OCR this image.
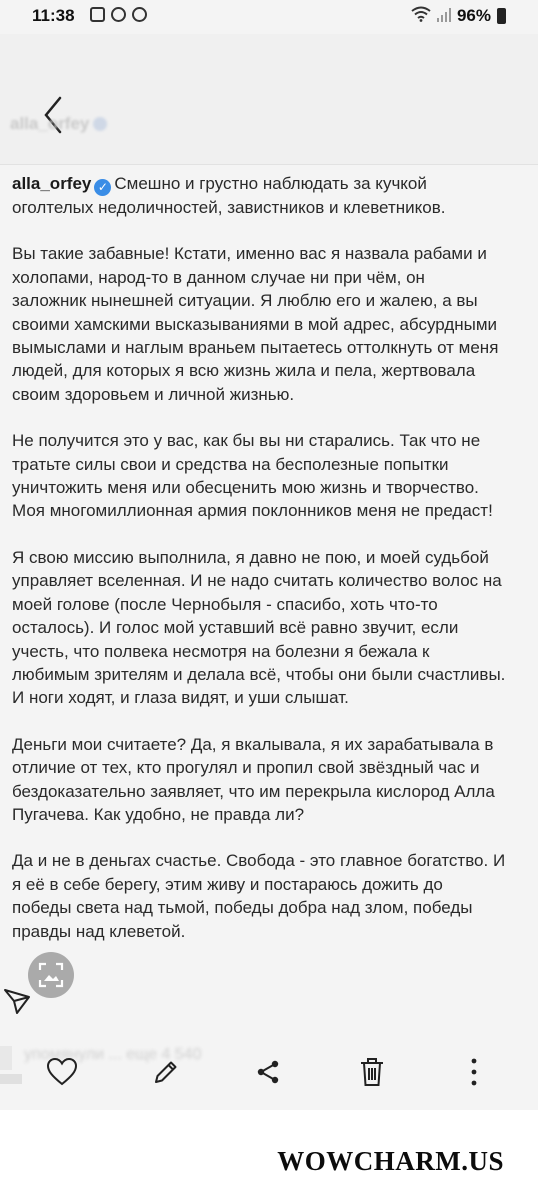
11:38	96%
alla_orfey

alla_orfey ✓ Смешно и грустно наблюдать за кучкой
оголтелых недоличностей, завистников и клеветников.

Вы такие забавные! Кстати, именно вас я назвала рабами и
холопами, народ-то в данном случае ни при чём, он
заложник нынешней ситуации. Я люблю его и жалею, а вы
своими хамскими высказываниями в мой адрес, абсурдными
вымыслами и наглым враньем пытаетесь оттолкнуть от меня
людей, для которых я всю жизнь жила и пела, жертвовала
своим здоровьем и личной жизнью.

Не получится это у вас, как бы вы ни старались. Так что не
тратьте силы свои и средства на бесполезные попытки
уничтожить меня или обесценить мою жизнь и творчество.
Моя многомиллионная армия поклонников меня не предаст!

Я свою миссию выполнила, я давно не пою, и моей судьбой
управляет вселенная. И не надо считать количество волос на
моей голове (после Чернобыля - спасибо, хоть что-то
осталось). И голос мой уставший всё равно звучит, если
учесть, что полвека несмотря на болезни я бежала к
любимым зрителям и делала всё, чтобы они были счастливы.
И ноги ходят, и глаза видят, и уши слышат.

Деньги мои считаете? Да, я вкалывала, я их зарабатывала в
отличие от тех, кто прогулял и пропил свой звёздный час и
бездоказательно заявляет, что им перекрыла кислород Алла
Пугачева. Как удобно, не правда ли?

Да и не в деньгах счастье. Свобода - это главное богатство. И
я её в себе берегу, этим живу и постараюсь дожить до
победы света над тьмой, победы добра над злом, победы
правды над клеветой.

упомянули ... еще 4 540
WOWCHARM.US
